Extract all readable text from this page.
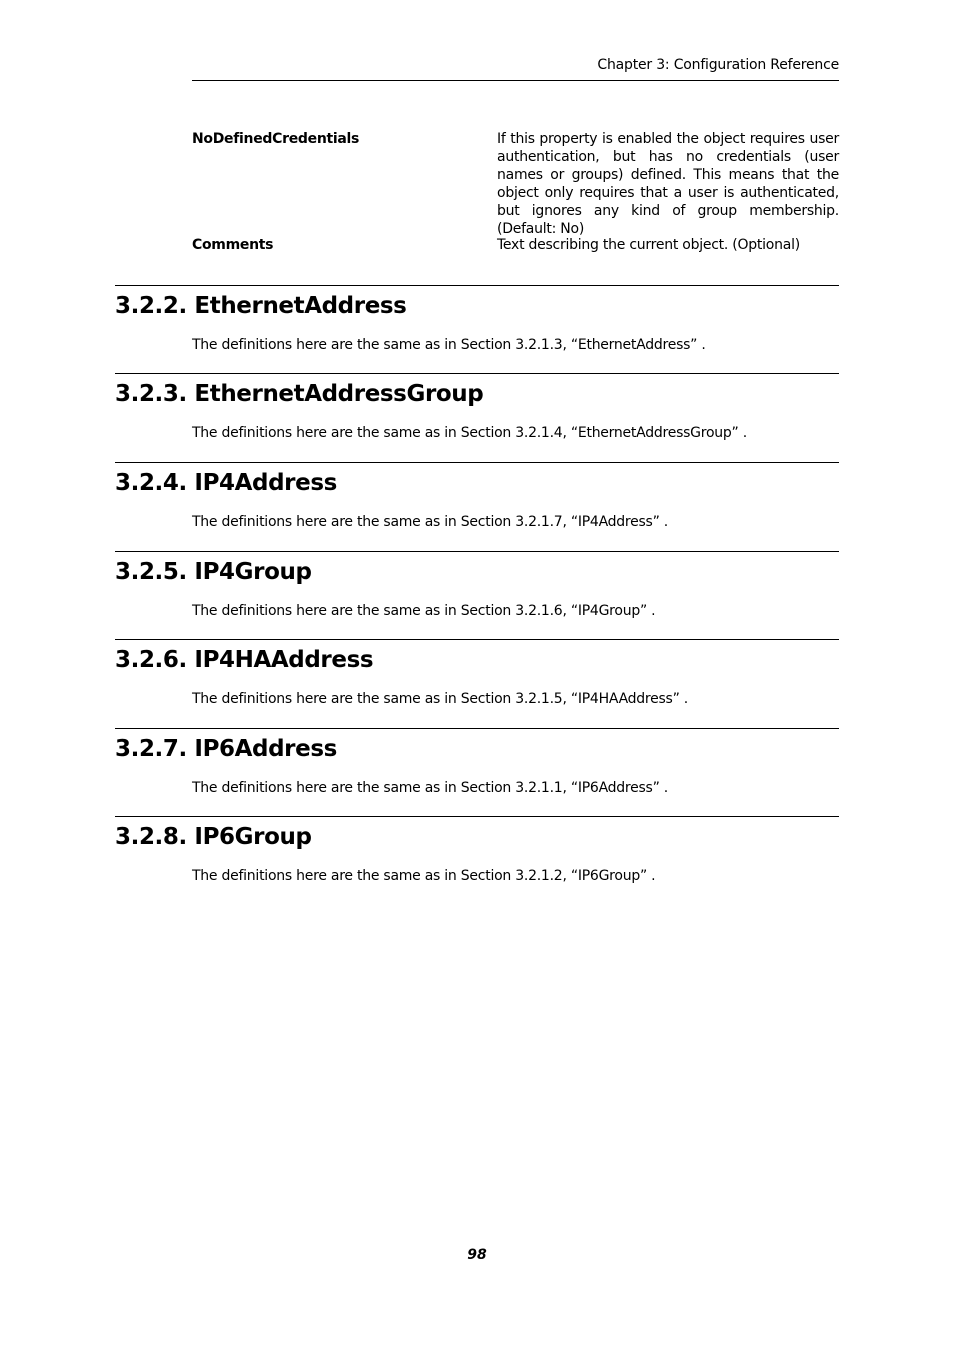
Chapter 3: Configuration Reference
NoDefinedCredentials	If this property is enabled the object requires user authentication, but has no credentials (user names or groups) defined. This means that the object only requires that a user is authenticated, but ignores any kind of group membership. (Default: No)
Comments	Text describing the current object. (Optional)
3.2.2. EthernetAddress

The definitions here are the same as in Section 3.2.1.3, “EthernetAddress” .

3.2.3. EthernetAddressGroup

The definitions here are the same as in Section 3.2.1.4, “EthernetAddressGroup” .

3.2.4. IP4Address

The definitions here are the same as in Section 3.2.1.7, “IP4Address” .

3.2.5. IP4Group

The definitions here are the same as in Section 3.2.1.6, “IP4Group” .

3.2.6. IP4HAAddress

The definitions here are the same as in Section 3.2.1.5, “IP4HAAddress” .

3.2.7. IP6Address

The definitions here are the same as in Section 3.2.1.1, “IP6Address” .

3.2.8. IP6Group

The definitions here are the same as in Section 3.2.1.2, “IP6Group” .

98
